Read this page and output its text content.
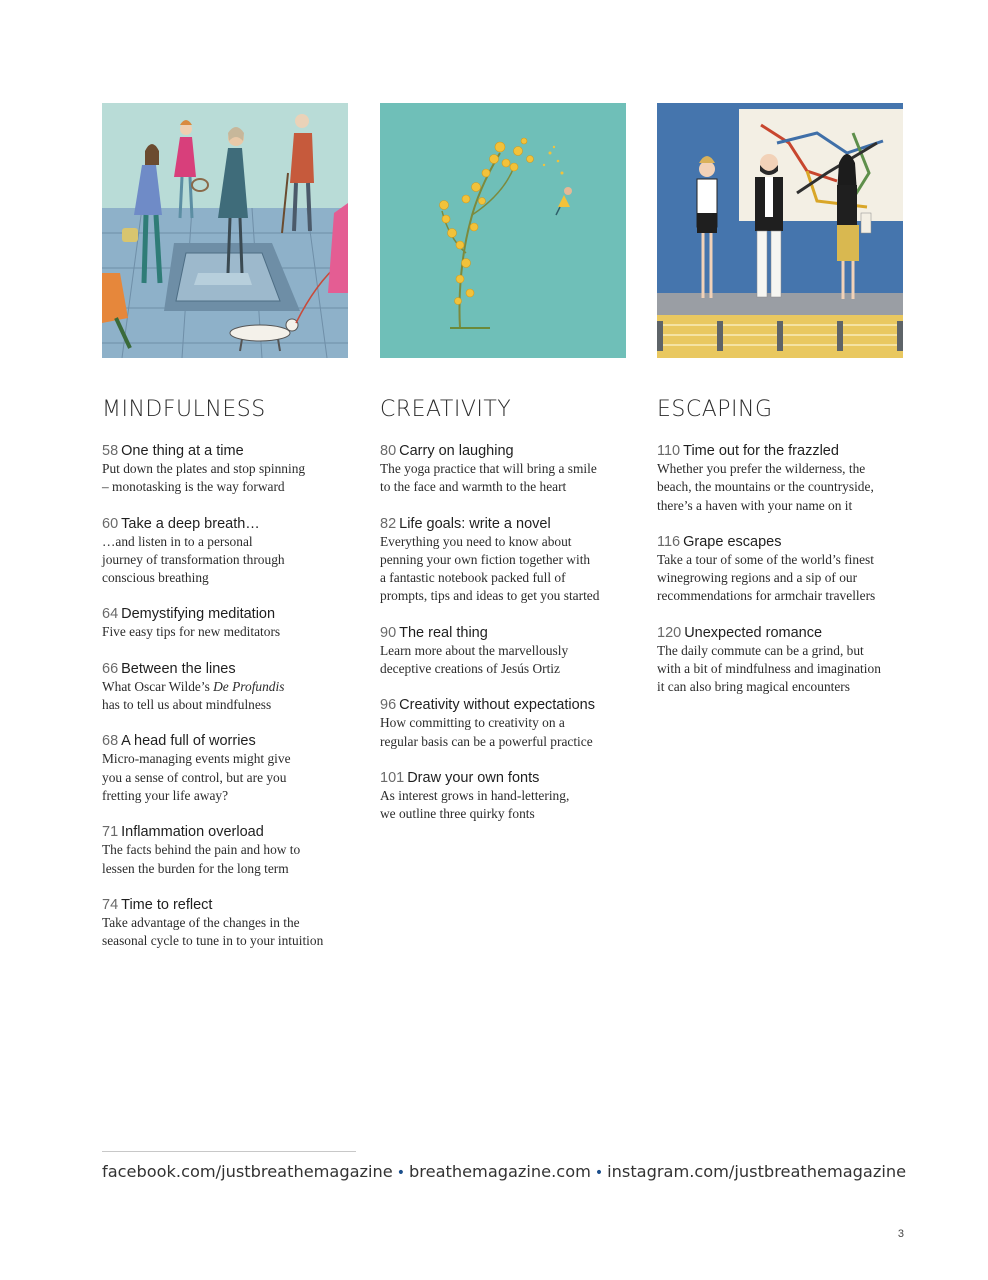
MINDFULNESS
58 One thing at a time
Put down the plates and stop spinning
– monotasking is the way forward
60 Take a deep breath…
…and listen in to a personal
journey of transformation through
conscious breathing
64 Demystifying meditation
Five easy tips for new meditators
66 Between the lines
What Oscar Wilde’s De Profundis
has to tell us about mindfulness
68 A head full of worries
Micro-managing events might give
you a sense of control, but are you
fretting your life away?
71 Inflammation overload
The facts behind the pain and how to
lessen the burden for the long term
74 Time to reflect
Take advantage of the changes in the
seasonal cycle to tune in to your intuition
CREATIVITY
80 Carry on laughing
The yoga practice that will bring a smile
to the face and warmth to the heart
82 Life goals: write a novel
Everything you need to know about
penning your own fiction together with
a fantastic notebook packed full of
prompts, tips and ideas to get you started
90 The real thing
Learn more about the marvellously
deceptive creations of Jesús Ortiz
96 Creativity without expectations
How committing to creativity on a
regular basis can be a powerful practice
101 Draw your own fonts
As interest grows in hand-lettering,
we outline three quirky fonts
ESCAPING
110 Time out for the frazzled
Whether you prefer the wilderness, the
beach, the mountains or the countryside,
there’s a haven with your name on it
116 Grape escapes
Take a tour of some of the world’s finest
winegrowing regions and a sip of our
recommendations for armchair travellers
120 Unexpected romance
The daily commute can be a grind, but
with a bit of mindfulness and imagination
it can also bring magical encounters
facebook.com/justbreathemagazine • breathemagazine.com • instagram.com/justbreathemagazine
3
